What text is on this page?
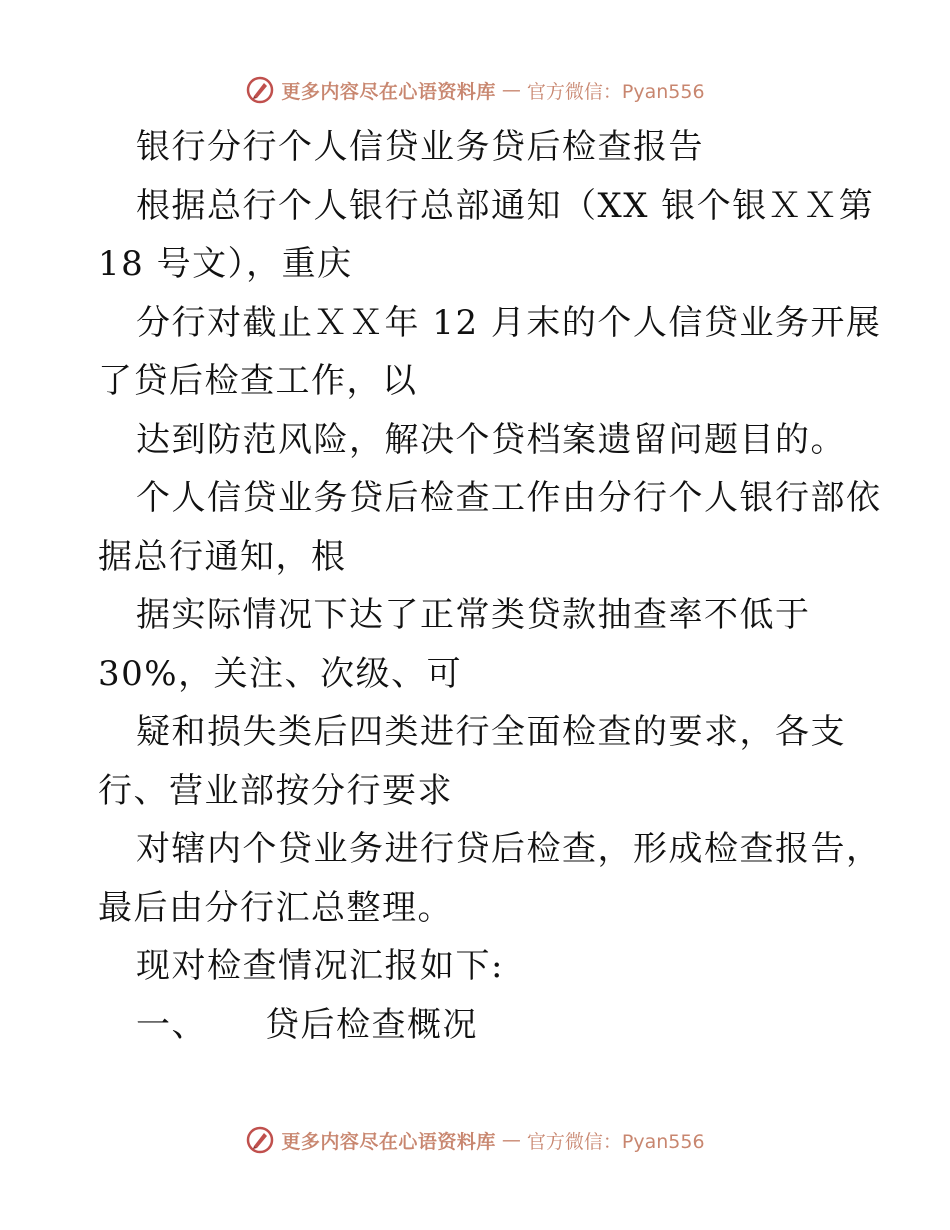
更多内容尽在心语资料库 — 官方微信：Pyan556
银行分行个人信贷业务贷后检查报告
根据总行个人银行总部通知（XX 银个银ＸＸ第
18 号文），重庆
分行对截止ＸＸ年 12 月末的个人信贷业务开展
了贷后检查工作，以
达到防范风险，解决个贷档案遗留问题目的。
个人信贷业务贷后检查工作由分行个人银行部依
据总行通知，根
据实际情况下达了正常类贷款抽查率不低于
30%，关注、次级、可
疑和损失类后四类进行全面检查的要求，各支
行、营业部按分行要求
对辖内个贷业务进行贷后检查，形成检查报告，
最后由分行汇总整理。
现对检查情况汇报如下:
一、 贷后检查概况
更多内容尽在心语资料库 — 官方微信：Pyan556
